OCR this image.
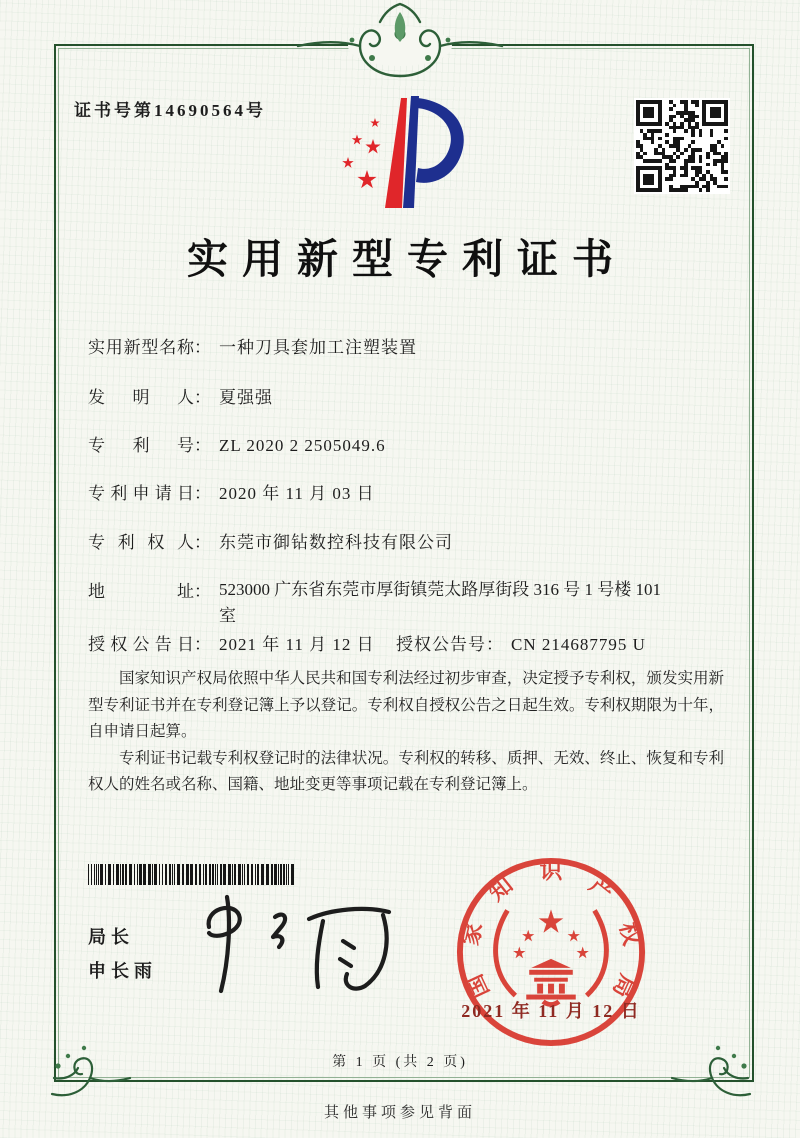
证书号第14690564号
实用新型专利证书
实用新型名称： 一种刀具套加工注塑装置
发明人： 夏强强
专利号： ZL 2020 2 2505049.6
专利申请日： 2020 年 11 月 03 日
专利权人： 东莞市御钻数控科技有限公司
地址： 523000 广东省东莞市厚街镇莞太路厚街段 316 号 1 号楼 101
室
授权公告日： 2021 年 11 月 12 日 授权公告号： CN 214687795 U

国家知识产权局依照中华人民共和国专利法经过初步审查，决定授予专利权，颁发实用新型专利证书并在专利登记簿上予以登记。专利权自授权公告之日起生效。专利权期限为十年，自申请日起算。

专利证书记载专利权登记时的法律状况。专利权的转移、质押、无效、终止、恢复和专利权人的姓名或名称、国籍、地址变更等事项记载在专利登记簿上。

局长
申长雨	国
家
知
识
产
权
局
2021 年 11 月 12 日
第 1 页 (共 2 页)
其他事项参见背面
